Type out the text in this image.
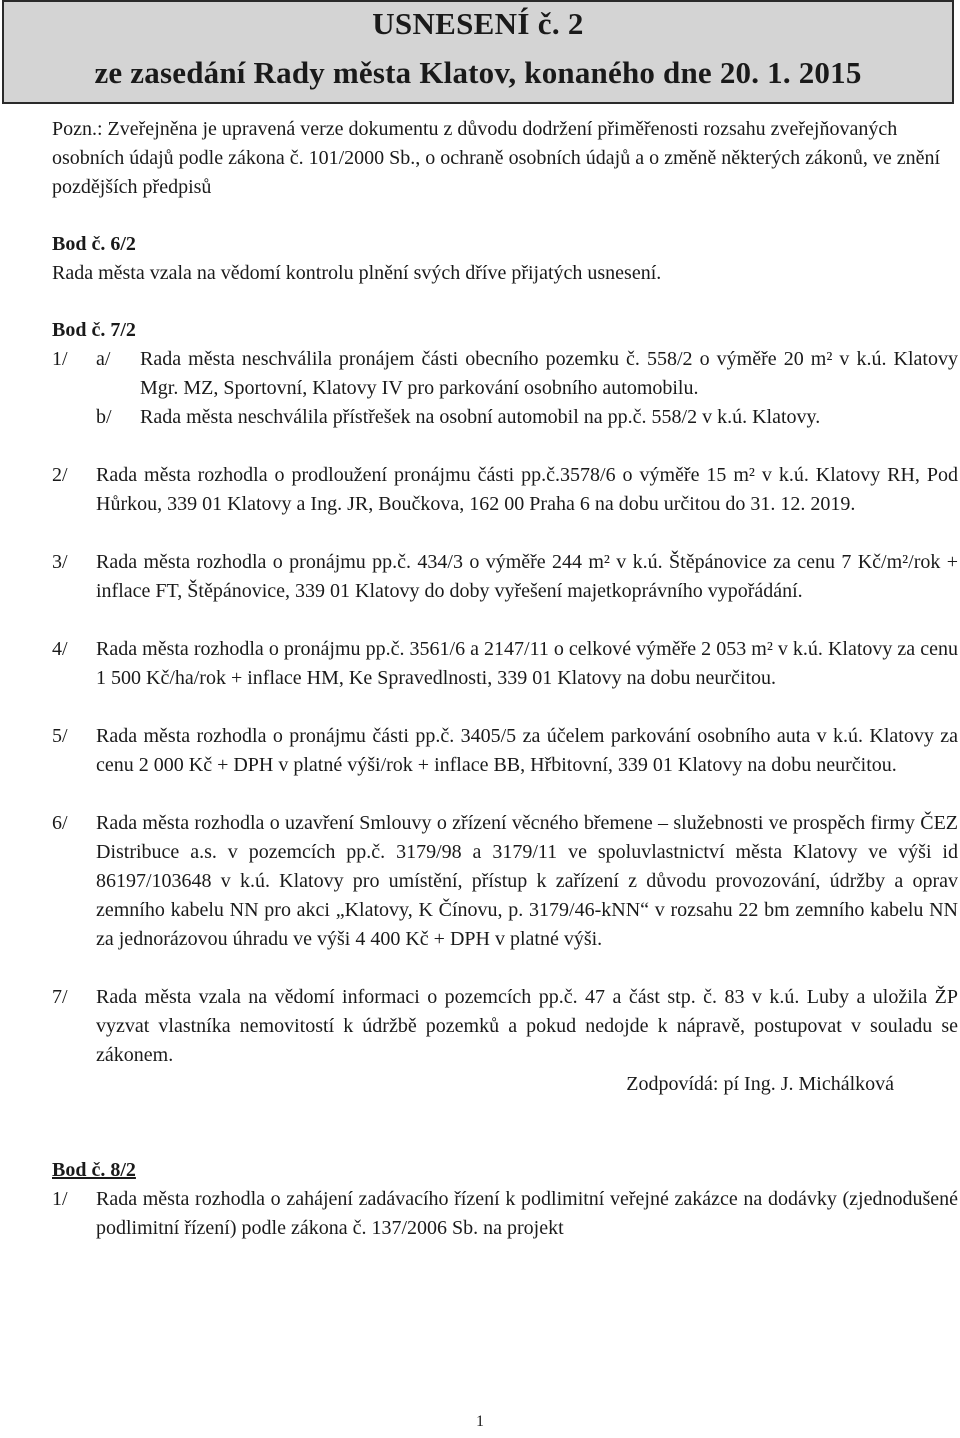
USNESENÍ č. 2
ze zasedání Rady města Klatov, konaného dne 20. 1. 2015

Pozn.: Zveřejněna je upravená verze dokumentu z důvodu dodržení přiměřenosti rozsahu zveřejňovaných osobních údajů podle zákona č. 101/2000 Sb., o ochraně osobních údajů a o změně některých zákonů, ve znění pozdějších předpisů

Bod č. 6/2

Rada města vzala na vědomí kontrolu plnění svých dříve přijatých usnesení.

Bod č. 7/2

1/	a/	Rada města neschválila pronájem části obecního pozemku č. 558/2 o výměře 20 m² v k.ú. Klatovy Mgr. MZ, Sportovní, Klatovy IV pro parkování osobního automobilu.
b/	Rada města neschválila přístřešek na osobní automobil na pp.č. 558/2 v k.ú. Klatovy.
2/	Rada města rozhodla o prodloužení pronájmu části pp.č.3578/6 o výměře 15 m² v k.ú. Klatovy RH, Pod Hůrkou, 339 01 Klatovy a Ing. JR, Boučkova, 162 00 Praha 6 na dobu určitou do 31. 12. 2019.
3/	Rada města rozhodla o pronájmu pp.č. 434/3 o výměře 244 m² v k.ú. Štěpánovice za cenu 7 Kč/m²/rok + inflace FT, Štěpánovice, 339 01 Klatovy do doby vyřešení majetkoprávního vypořádání.
4/	Rada města rozhodla o pronájmu pp.č. 3561/6 a 2147/11 o celkové výměře 2 053 m² v k.ú. Klatovy za cenu 1 500 Kč/ha/rok + inflace HM, Ke Spravedlnosti, 339 01 Klatovy na dobu neurčitou.
5/	Rada města rozhodla o pronájmu části pp.č. 3405/5 za účelem parkování osobního auta v k.ú. Klatovy za cenu 2 000 Kč + DPH v platné výši/rok + inflace BB, Hřbitovní, 339 01 Klatovy na dobu neurčitou.
6/	Rada města rozhodla o uzavření Smlouvy o zřízení věcného břemene – služebnosti ve prospěch firmy ČEZ Distribuce a.s. v pozemcích pp.č. 3179/98 a 3179/11 ve spoluvlastnictví města Klatovy ve výši id 86197/103648 v k.ú. Klatovy pro umístění, přístup k zařízení z důvodu provozování, údržby a oprav zemního kabelu NN pro akci „Klatovy, K Čínovu, p. 3179/46-kNN“ v rozsahu 22 bm zemního kabelu NN za jednorázovou úhradu ve výši 4 400 Kč + DPH v platné výši.
7/	Rada města vzala na vědomí informaci o pozemcích pp.č. 47 a část stp. č. 83 v k.ú. Luby a uložila ŽP vyzvat vlastníka nemovitostí k údržbě pozemků a pokud nedojde k nápravě, postupovat v souladu se zákonem.
Zodpovídá: pí Ing. J. Michálková

Bod č. 8/2

1/	Rada města rozhodla o zahájení zadávacího řízení k podlimitní veřejné zakázce na dodávky (zjednodušené podlimitní řízení) podle zákona č. 137/2006 Sb. na projekt
1
